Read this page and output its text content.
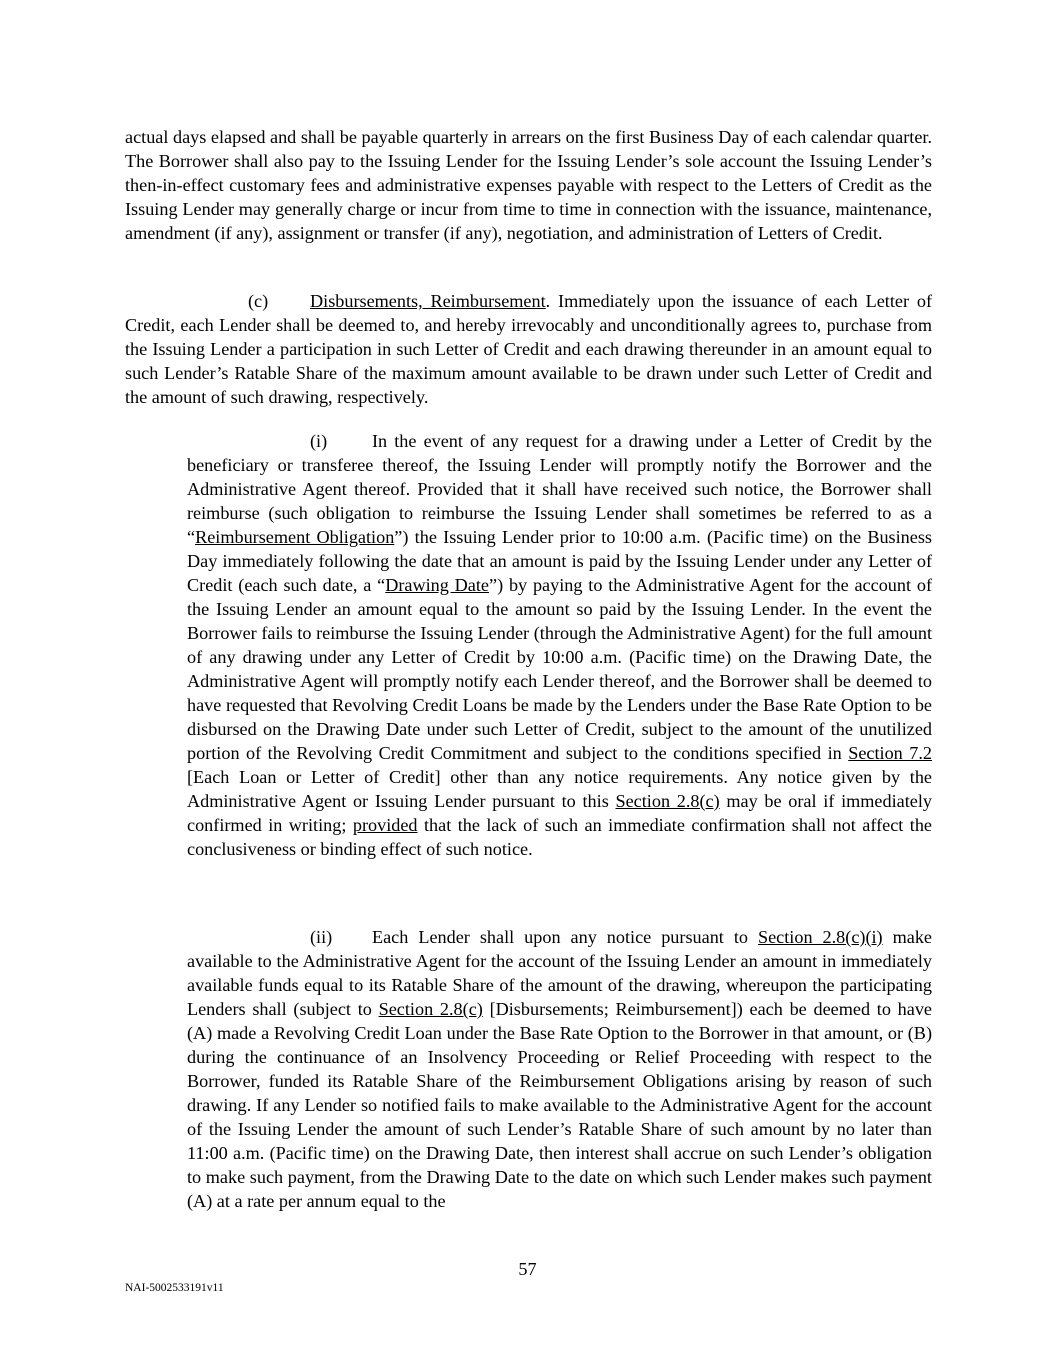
actual days elapsed and shall be payable quarterly in arrears on the first Business Day of each calendar quarter. The Borrower shall also pay to the Issuing Lender for the Issuing Lender’s sole account the Issuing Lender’s then-in-effect customary fees and administrative expenses payable with respect to the Letters of Credit as the Issuing Lender may generally charge or incur from time to time in connection with the issuance, maintenance, amendment (if any), assignment or transfer (if any), negotiation, and administration of Letters of Credit.

(c) Disbursements, Reimbursement. Immediately upon the issuance of each Letter of Credit, each Lender shall be deemed to, and hereby irrevocably and unconditionally agrees to, purchase from the Issuing Lender a participation in such Letter of Credit and each drawing thereunder in an amount equal to such Lender’s Ratable Share of the maximum amount available to be drawn under such Letter of Credit and the amount of such drawing, respectively.

(i) In the event of any request for a drawing under a Letter of Credit by the beneficiary or transferee thereof, the Issuing Lender will promptly notify the Borrower and the Administrative Agent thereof. Provided that it shall have received such notice, the Borrower shall reimburse (such obligation to reimburse the Issuing Lender shall sometimes be referred to as a “Reimbursement Obligation”) the Issuing Lender prior to 10:00 a.m. (Pacific time) on the Business Day immediately following the date that an amount is paid by the Issuing Lender under any Letter of Credit (each such date, a “Drawing Date”) by paying to the Administrative Agent for the account of the Issuing Lender an amount equal to the amount so paid by the Issuing Lender. In the event the Borrower fails to reimburse the Issuing Lender (through the Administrative Agent) for the full amount of any drawing under any Letter of Credit by 10:00 a.m. (Pacific time) on the Drawing Date, the Administrative Agent will promptly notify each Lender thereof, and the Borrower shall be deemed to have requested that Revolving Credit Loans be made by the Lenders under the Base Rate Option to be disbursed on the Drawing Date under such Letter of Credit, subject to the amount of the unutilized portion of the Revolving Credit Commitment and subject to the conditions specified in Section 7.2 [Each Loan or Letter of Credit] other than any notice requirements. Any notice given by the Administrative Agent or Issuing Lender pursuant to this Section 2.8(c) may be oral if immediately confirmed in writing; provided that the lack of such an immediate confirmation shall not affect the conclusiveness or binding effect of such notice.

(ii) Each Lender shall upon any notice pursuant to Section 2.8(c)(i) make available to the Administrative Agent for the account of the Issuing Lender an amount in immediately available funds equal to its Ratable Share of the amount of the drawing, whereupon the participating Lenders shall (subject to Section 2.8(c) [Disbursements; Reimbursement]) each be deemed to have (A) made a Revolving Credit Loan under the Base Rate Option to the Borrower in that amount, or (B) during the continuance of an Insolvency Proceeding or Relief Proceeding with respect to the Borrower, funded its Ratable Share of the Reimbursement Obligations arising by reason of such drawing. If any Lender so notified fails to make available to the Administrative Agent for the account of the Issuing Lender the amount of such Lender’s Ratable Share of such amount by no later than 11:00 a.m. (Pacific time) on the Drawing Date, then interest shall accrue on such Lender’s obligation to make such payment, from the Drawing Date to the date on which such Lender makes such payment (A) at a rate per annum equal to the

57
NAI-5002533191v11
